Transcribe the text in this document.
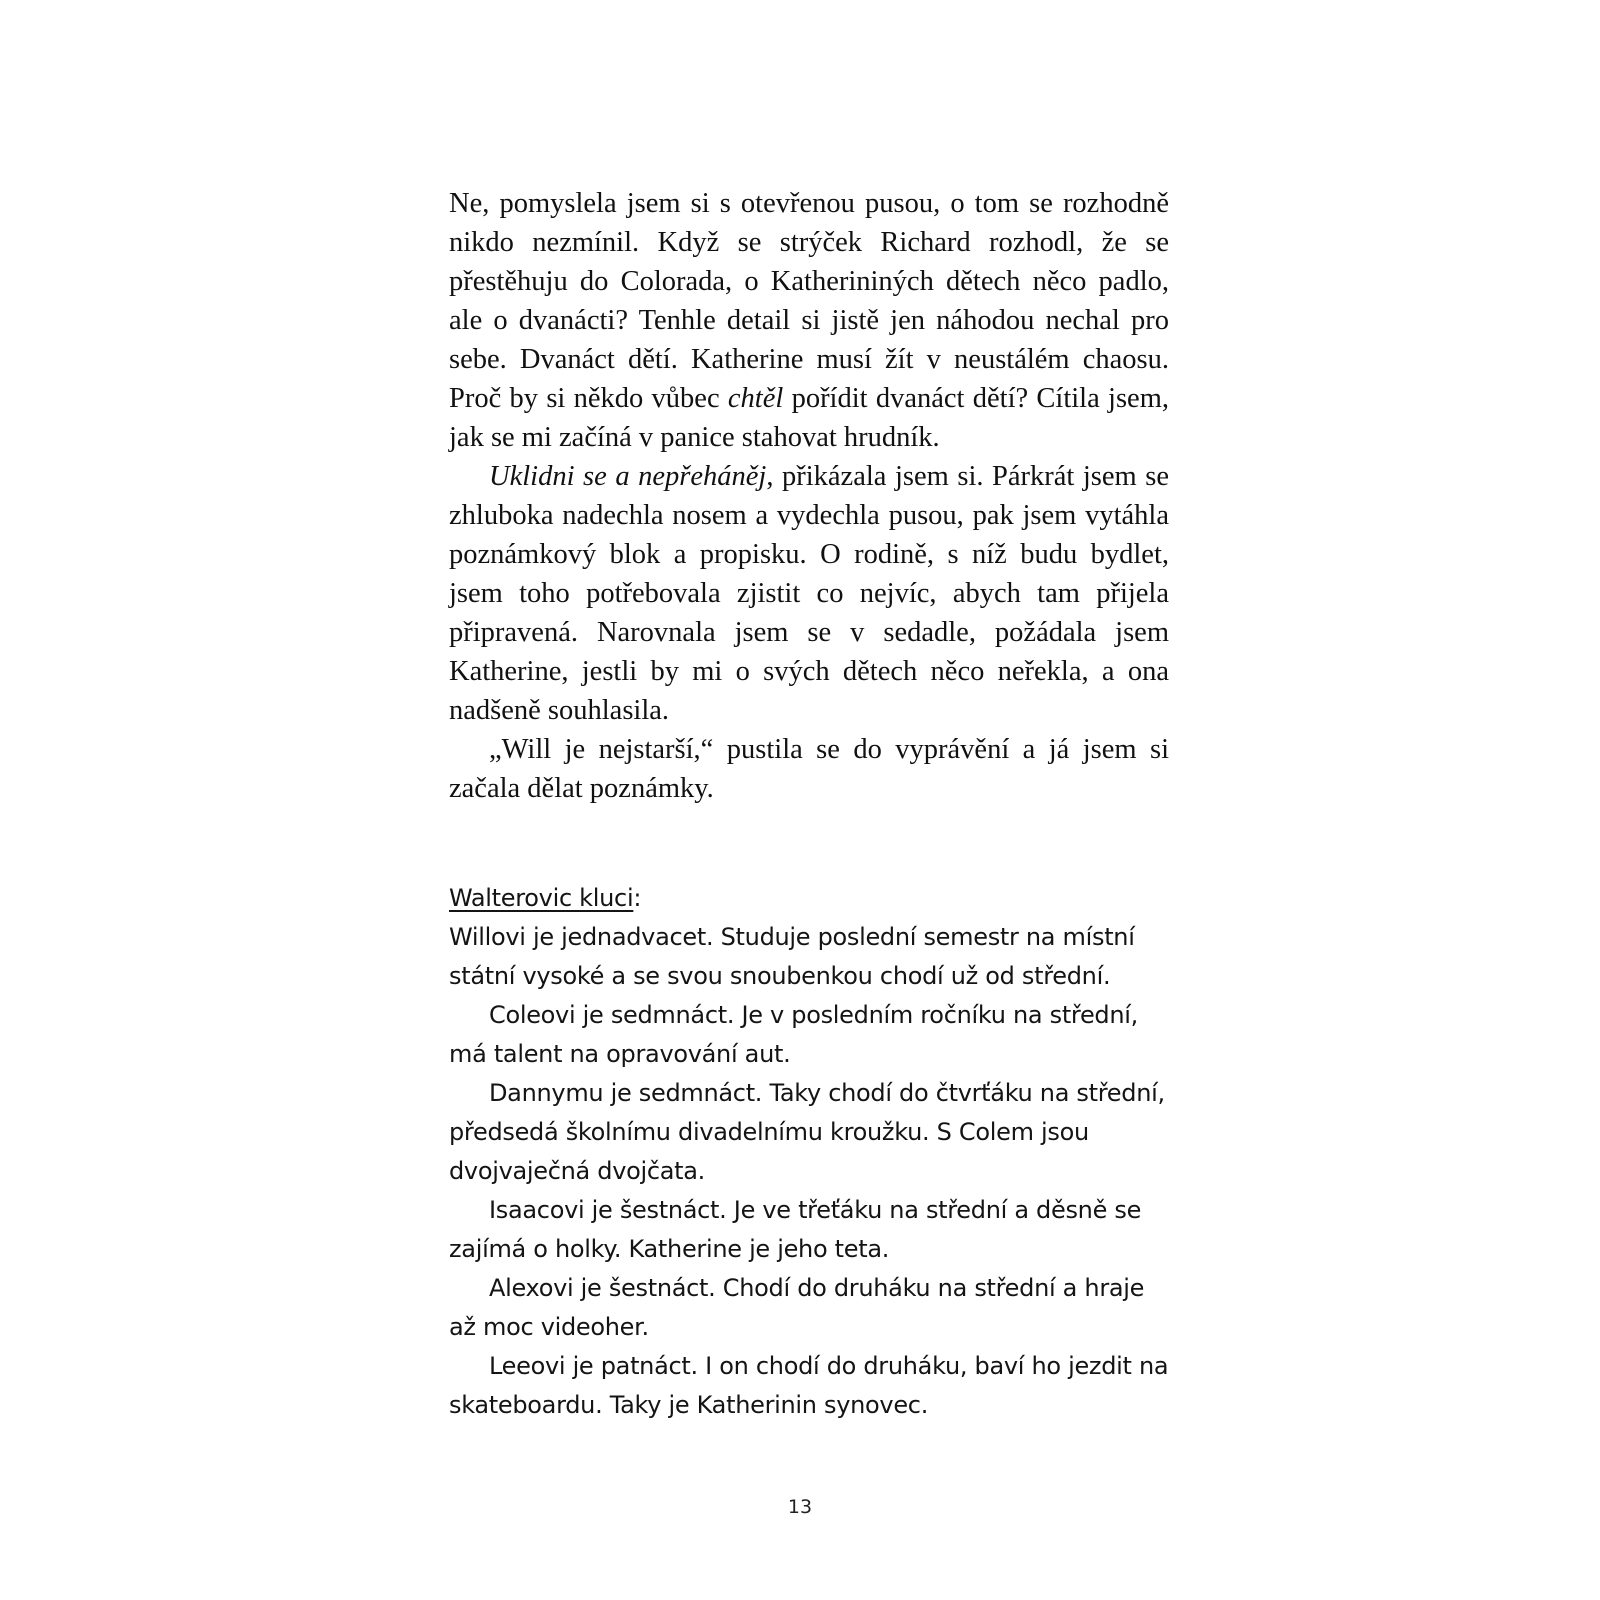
Ne, pomyslela jsem si s otevřenou pusou, o tom se rozhodně nikdo nezmínil. Když se strýček Richard rozhodl, že se přestěhuju do Colorada, o Katherininých dětech něco padlo, ale o dvanácti? Tenhle detail si jistě jen náhodou nechal pro sebe. Dvanáct dětí. Katherine musí žít v neustálém chaosu. Proč by si někdo vůbec chtěl pořídit dvanáct dětí? Cítila jsem, jak se mi začíná v panice stahovat hrudník.

Uklidni se a nepřeháněj, přikázala jsem si. Párkrát jsem se zhluboka nadechla nosem a vydechla pusou, pak jsem vytáhla poznámkový blok a propisku. O rodině, s níž budu bydlet, jsem toho potřebovala zjistit co nejvíc, abych tam přijela připravená. Narovnala jsem se v sedadle, požádala jsem Katherine, jestli by mi o svých dětech něco neřekla, a ona nadšeně souhlasila.

„Will je nejstarší,“ pustila se do vyprávění a já jsem si začala dělat poznámky.

Walterovic kluci:

Willovi je jednadvacet. Studuje poslední semestr na místní státní vysoké a se svou snoubenkou chodí už od střední.

Coleovi je sedmnáct. Je v posledním ročníku na střední, má talent na opravování aut.

Dannymu je sedmnáct. Taky chodí do čtvrťáku na střední, předsedá školnímu divadelnímu kroužku. S Colem jsou dvojvaječná dvojčata.

Isaacovi je šestnáct. Je ve třeťáku na střední a děsně se zajímá o holky. Katherine je jeho teta.

Alexovi je šestnáct. Chodí do druháku na střední a hraje až moc videoher.

Leeovi je patnáct. I on chodí do druháku, baví ho jezdit na skateboardu. Taky je Katherinin synovec.

13
